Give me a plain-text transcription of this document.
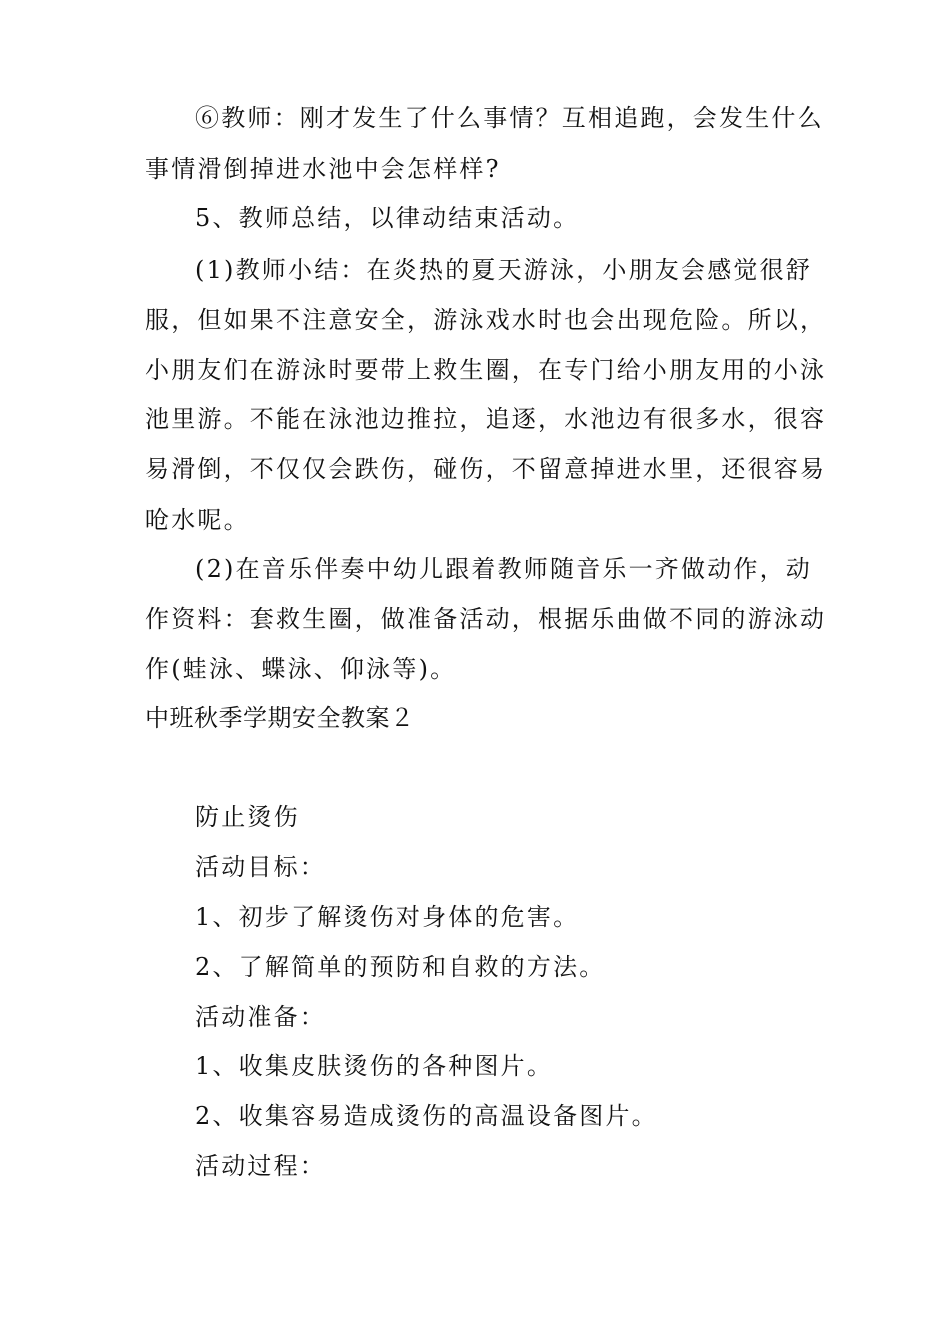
⑥教师：刚才发生了什么事情？互相追跑，会发生什么
事情滑倒掉进水池中会怎样样?
5、教师总结，以律动结束活动。
(1)教师小结：在炎热的夏天游泳，小朋友会感觉很舒
服，但如果不注意安全，游泳戏水时也会出现危险。所以，
小朋友们在游泳时要带上救生圈，在专门给小朋友用的小泳
池里游。不能在泳池边推拉，追逐，水池边有很多水，很容
易滑倒，不仅仅会跌伤，碰伤，不留意掉进水里，还很容易
呛水呢。
(2)在音乐伴奏中幼儿跟着教师随音乐一齐做动作，动
作资料：套救生圈，做准备活动，根据乐曲做不同的游泳动
作(蛙泳、蝶泳、仰泳等)。
中班秋季学期安全教案２
防止烫伤
活动目标：
1、初步了解烫伤对身体的危害。
2、了解简单的预防和自救的方法。
活动准备：
1、收集皮肤烫伤的各种图片。
2、收集容易造成烫伤的高温设备图片。
活动过程：
